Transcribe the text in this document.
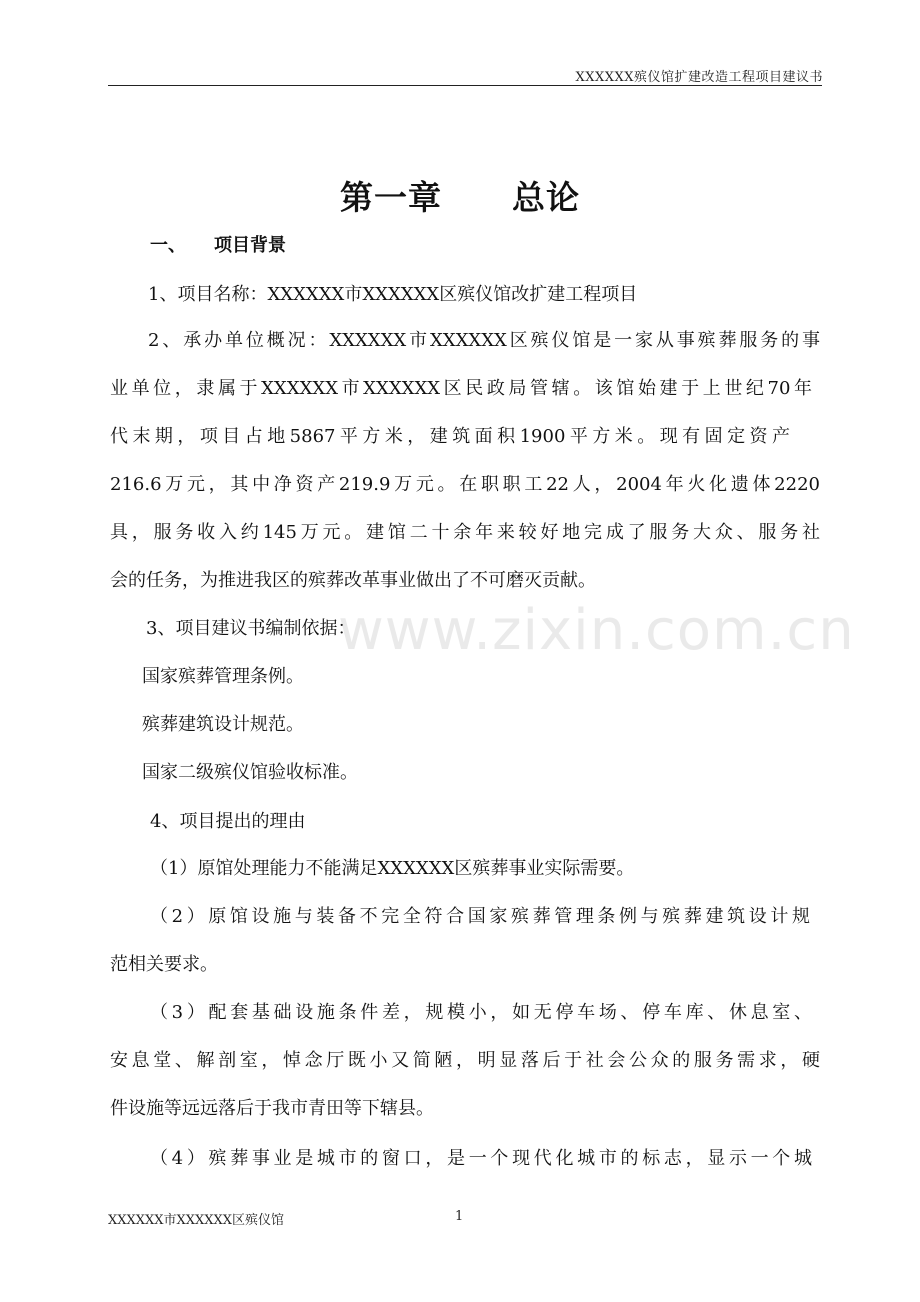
XXXXXX殡仪馆扩建改造工程项目建议书
第一章 总论
一、 项目背景
www.zixin.com.cn
1、项目名称：XXXXXX市XXXXXX区殡仪馆改扩建工程项目
2、承办单位概况：XXXXXX市XXXXXX区殡仪馆是一家从事殡葬服务的事
业单位，隶属于XXXXXX市XXXXXX区民政局管辖。该馆始建于上世纪70年
代末期，项目占地5867平方米，建筑面积1900平方米。现有固定资产
216.6万元，其中净资产219.9万元。在职职工22人，2004年火化遗体2220
具，服务收入约145万元。建馆二十余年来较好地完成了服务大众、服务社
会的任务，为推进我区的殡葬改革事业做出了不可磨灭贡献。
3、项目建议书编制依据：
国家殡葬管理条例。
殡葬建筑设计规范。
国家二级殡仪馆验收标准。
4、项目提出的理由
（1）原馆处理能力不能满足XXXXXX区殡葬事业实际需要。
（2）原馆设施与装备不完全符合国家殡葬管理条例与殡葬建筑设计规
范相关要求。
（3）配套基础设施条件差，规模小，如无停车场、停车库、休息室、
安息堂、解剖室，悼念厅既小又简陋，明显落后于社会公众的服务需求，硬
件设施等远远落后于我市青田等下辖县。
（4）殡葬事业是城市的窗口，是一个现代化城市的标志，显示一个城
XXXXXX市XXXXXX区殡仪馆	1
